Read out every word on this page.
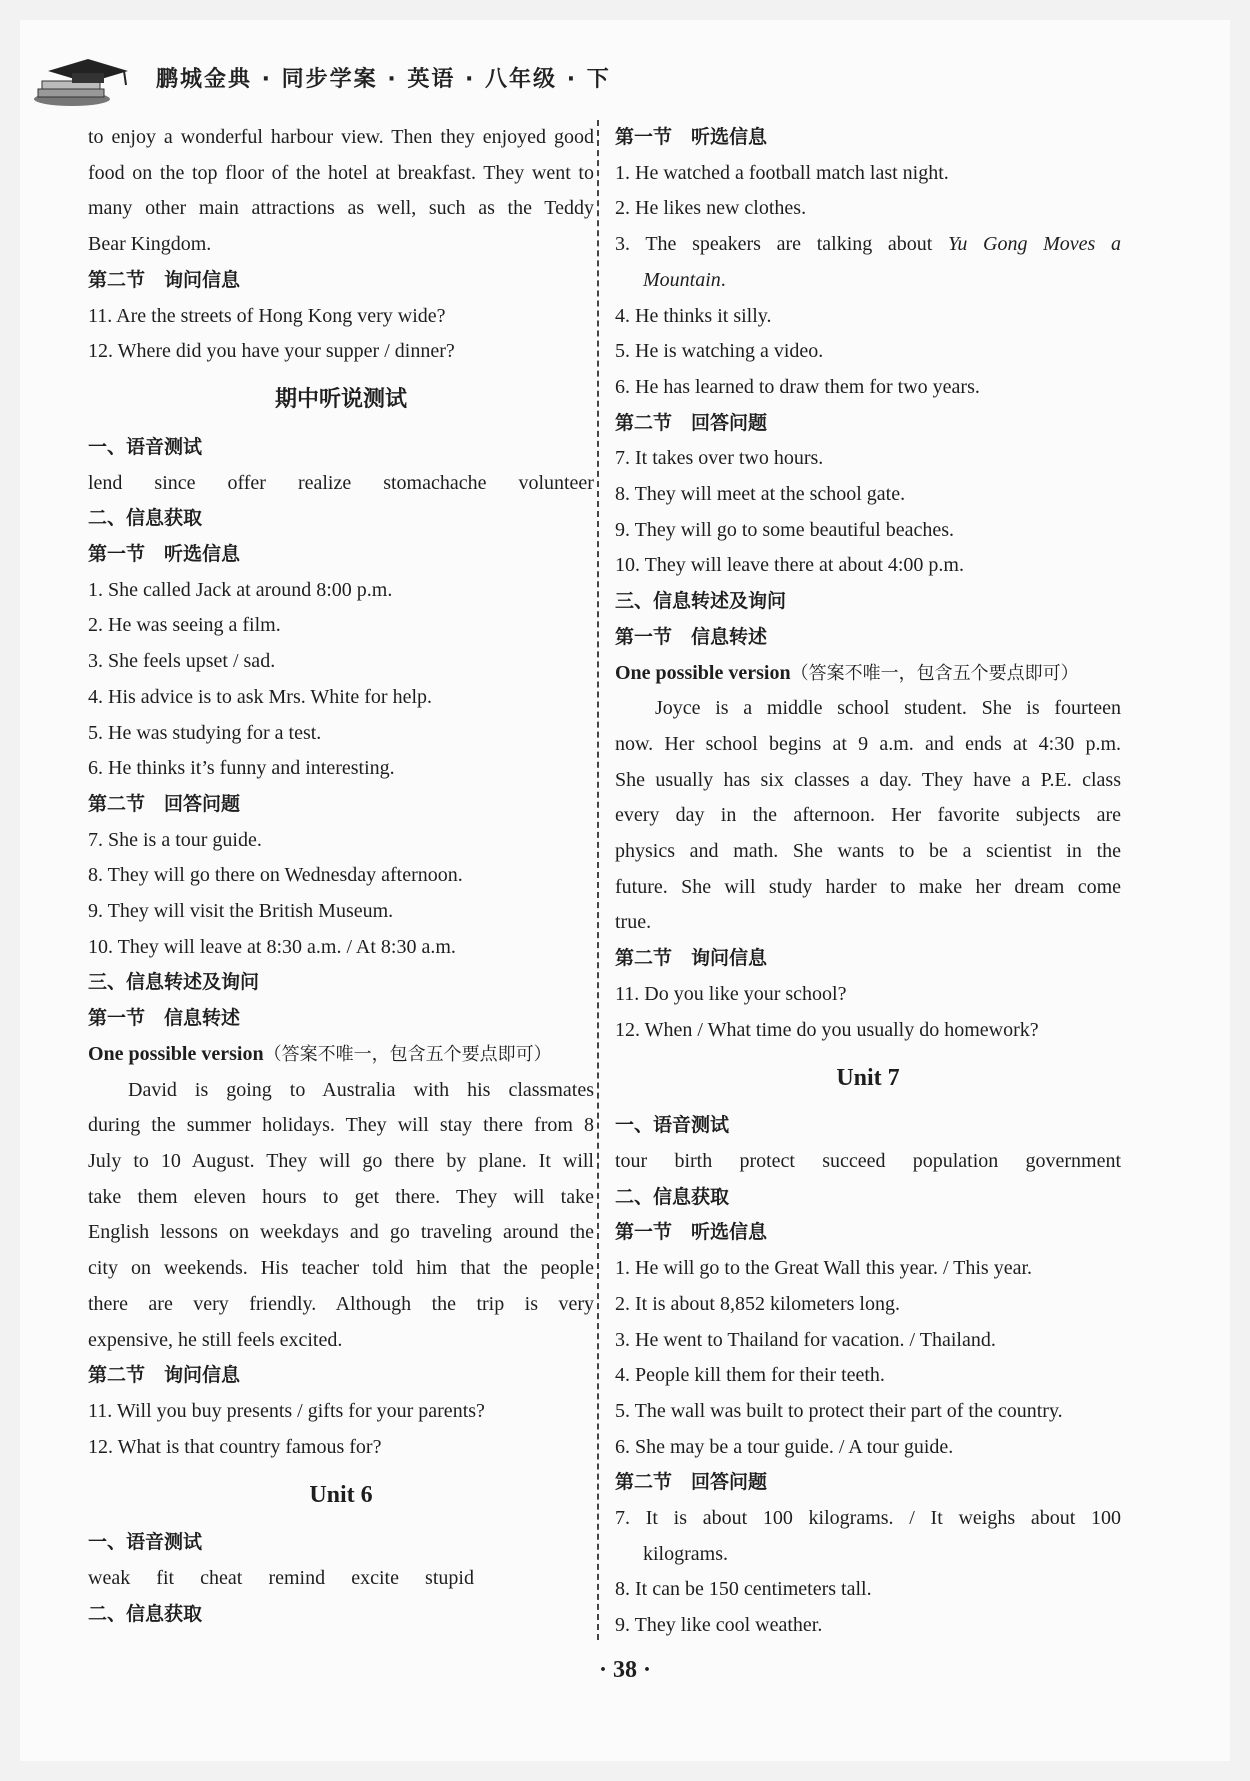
鹏城金典 · 同步学案 · 英语 · 八年级 · 下
to enjoy a wonderful harbour view. Then they enjoyed good
food on the top floor of the hotel at breakfast. They went to
many other main attractions as well, such as the Teddy
Bear Kingdom.
第二节　询问信息
11. Are the streets of Hong Kong very wide?
12. Where did you have your supper / dinner?
期中听说测试
一、语音测试
lend since offer realize stomachache volunteer
二、信息获取
第一节　听选信息
1. She called Jack at around 8:00 p.m.
2. He was seeing a film.
3. She feels upset / sad.
4. His advice is to ask Mrs. White for help.
5. He was studying for a test.
6. He thinks it’s funny and interesting.
第二节　回答问题
7. She is a tour guide.
8. They will go there on Wednesday afternoon.
9. They will visit the British Museum.
10. They will leave at 8:30 a.m. / At 8:30 a.m.
三、信息转述及询问
第一节　信息转述
One possible version（答案不唯一，包含五个要点即可）
David is going to Australia with his classmates
during the summer holidays. They will stay there from 8
July to 10 August. They will go there by plane. It will
take them eleven hours to get there. They will take
English lessons on weekdays and go traveling around the
city on weekends. His teacher told him that the people
there are very friendly. Although the trip is very
expensive, he still feels excited.
第二节　询问信息
11. Will you buy presents / gifts for your parents?
12. What is that country famous for?
Unit 6
一、语音测试
weak fit cheat remind excite stupid
二、信息获取
第一节　听选信息
1. He watched a football match last night.
2. He likes new clothes.
3. The speakers are talking about Yu Gong Moves a
Mountain.
4. He thinks it silly.
5. He is watching a video.
6. He has learned to draw them for two years.
第二节　回答问题
7. It takes over two hours.
8. They will meet at the school gate.
9. They will go to some beautiful beaches.
10. They will leave there at about 4:00 p.m.
三、信息转述及询问
第一节　信息转述
One possible version（答案不唯一，包含五个要点即可）
Joyce is a middle school student. She is fourteen
now. Her school begins at 9 a.m. and ends at 4:30 p.m.
She usually has six classes a day. They have a P.E. class
every day in the afternoon. Her favorite subjects are
physics and math. She wants to be a scientist in the
future. She will study harder to make her dream come
true.
第二节　询问信息
11. Do you like your school?
12. When / What time do you usually do homework?
Unit 7
一、语音测试
tour birth protect succeed population government
二、信息获取
第一节　听选信息
1. He will go to the Great Wall this year. / This year.
2. It is about 8,852 kilometers long.
3. He went to Thailand for vacation. / Thailand.
4. People kill them for their teeth.
5. The wall was built to protect their part of the country.
6. She may be a tour guide. / A tour guide.
第二节　回答问题
7. It is about 100 kilograms. / It weighs about 100
kilograms.
8. It can be 150 centimeters tall.
9. They like cool weather.
· 38 ·
